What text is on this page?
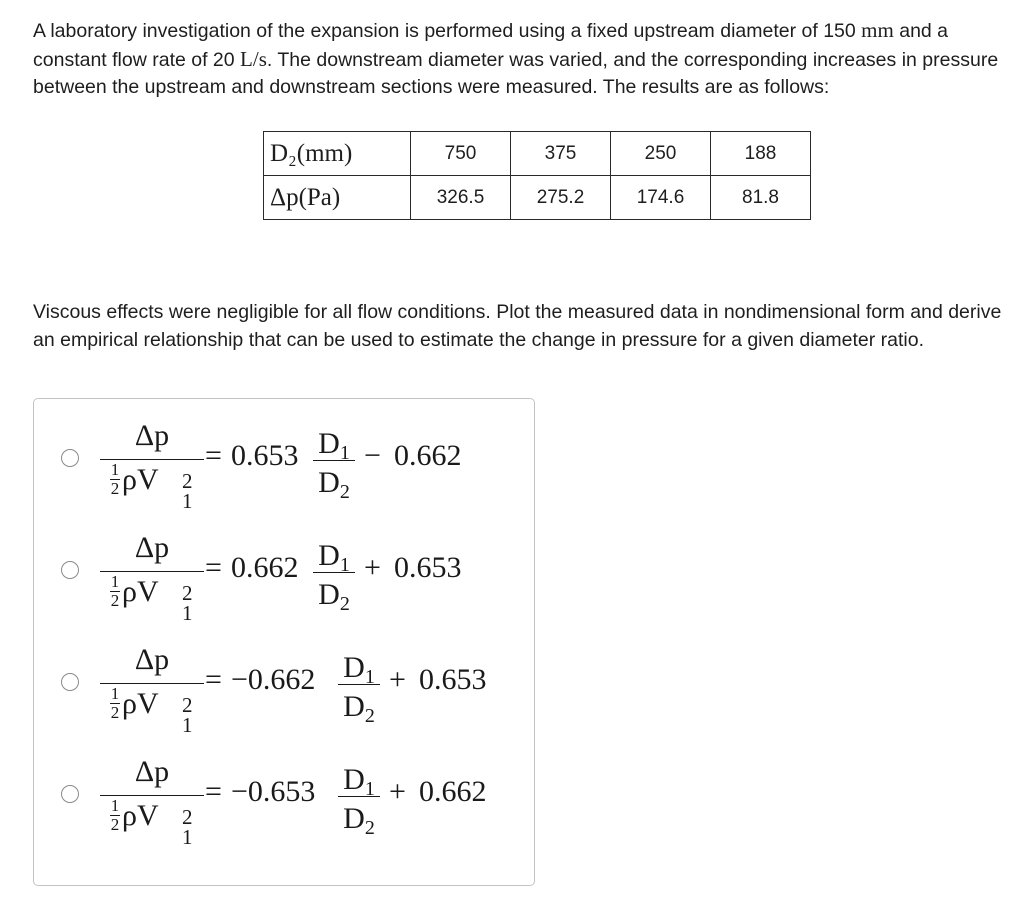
A laboratory investigation of the expansion is performed using a fixed upstream diameter of 150 mm and a constant flow rate of 20 L/s. The downstream diameter was varied, and the corresponding increases in pressure between the upstream and downstream sections were measured. The results are as follows:

D₂(mm)	750	375	250	188
Δp(Pa)	326.5	275.2	174.6	81.8

Viscous effects were negligible for all flow conditions. Plot the measured data in nondimensional form and derive an empirical relationship that can be used to estimate the change in pressure for a given diameter ratio.

Δp
$\frac{1}{2}\rho V$ 2
1
= 0.653 $D_1$
$D_2$
− 0.662
Δp
$\frac{1}{2}\rho V$ 2
1
= 0.662 $D_1$
$D_2$
+ 0.653
Δp
$\frac{1}{2}\rho V$ 2
1
= −0.662 $D_1$
$D_2$
+ 0.653
Δp
$\frac{1}{2}\rho V$ 2
1
= −0.653 $D_1$
$D_2$
+ 0.662
